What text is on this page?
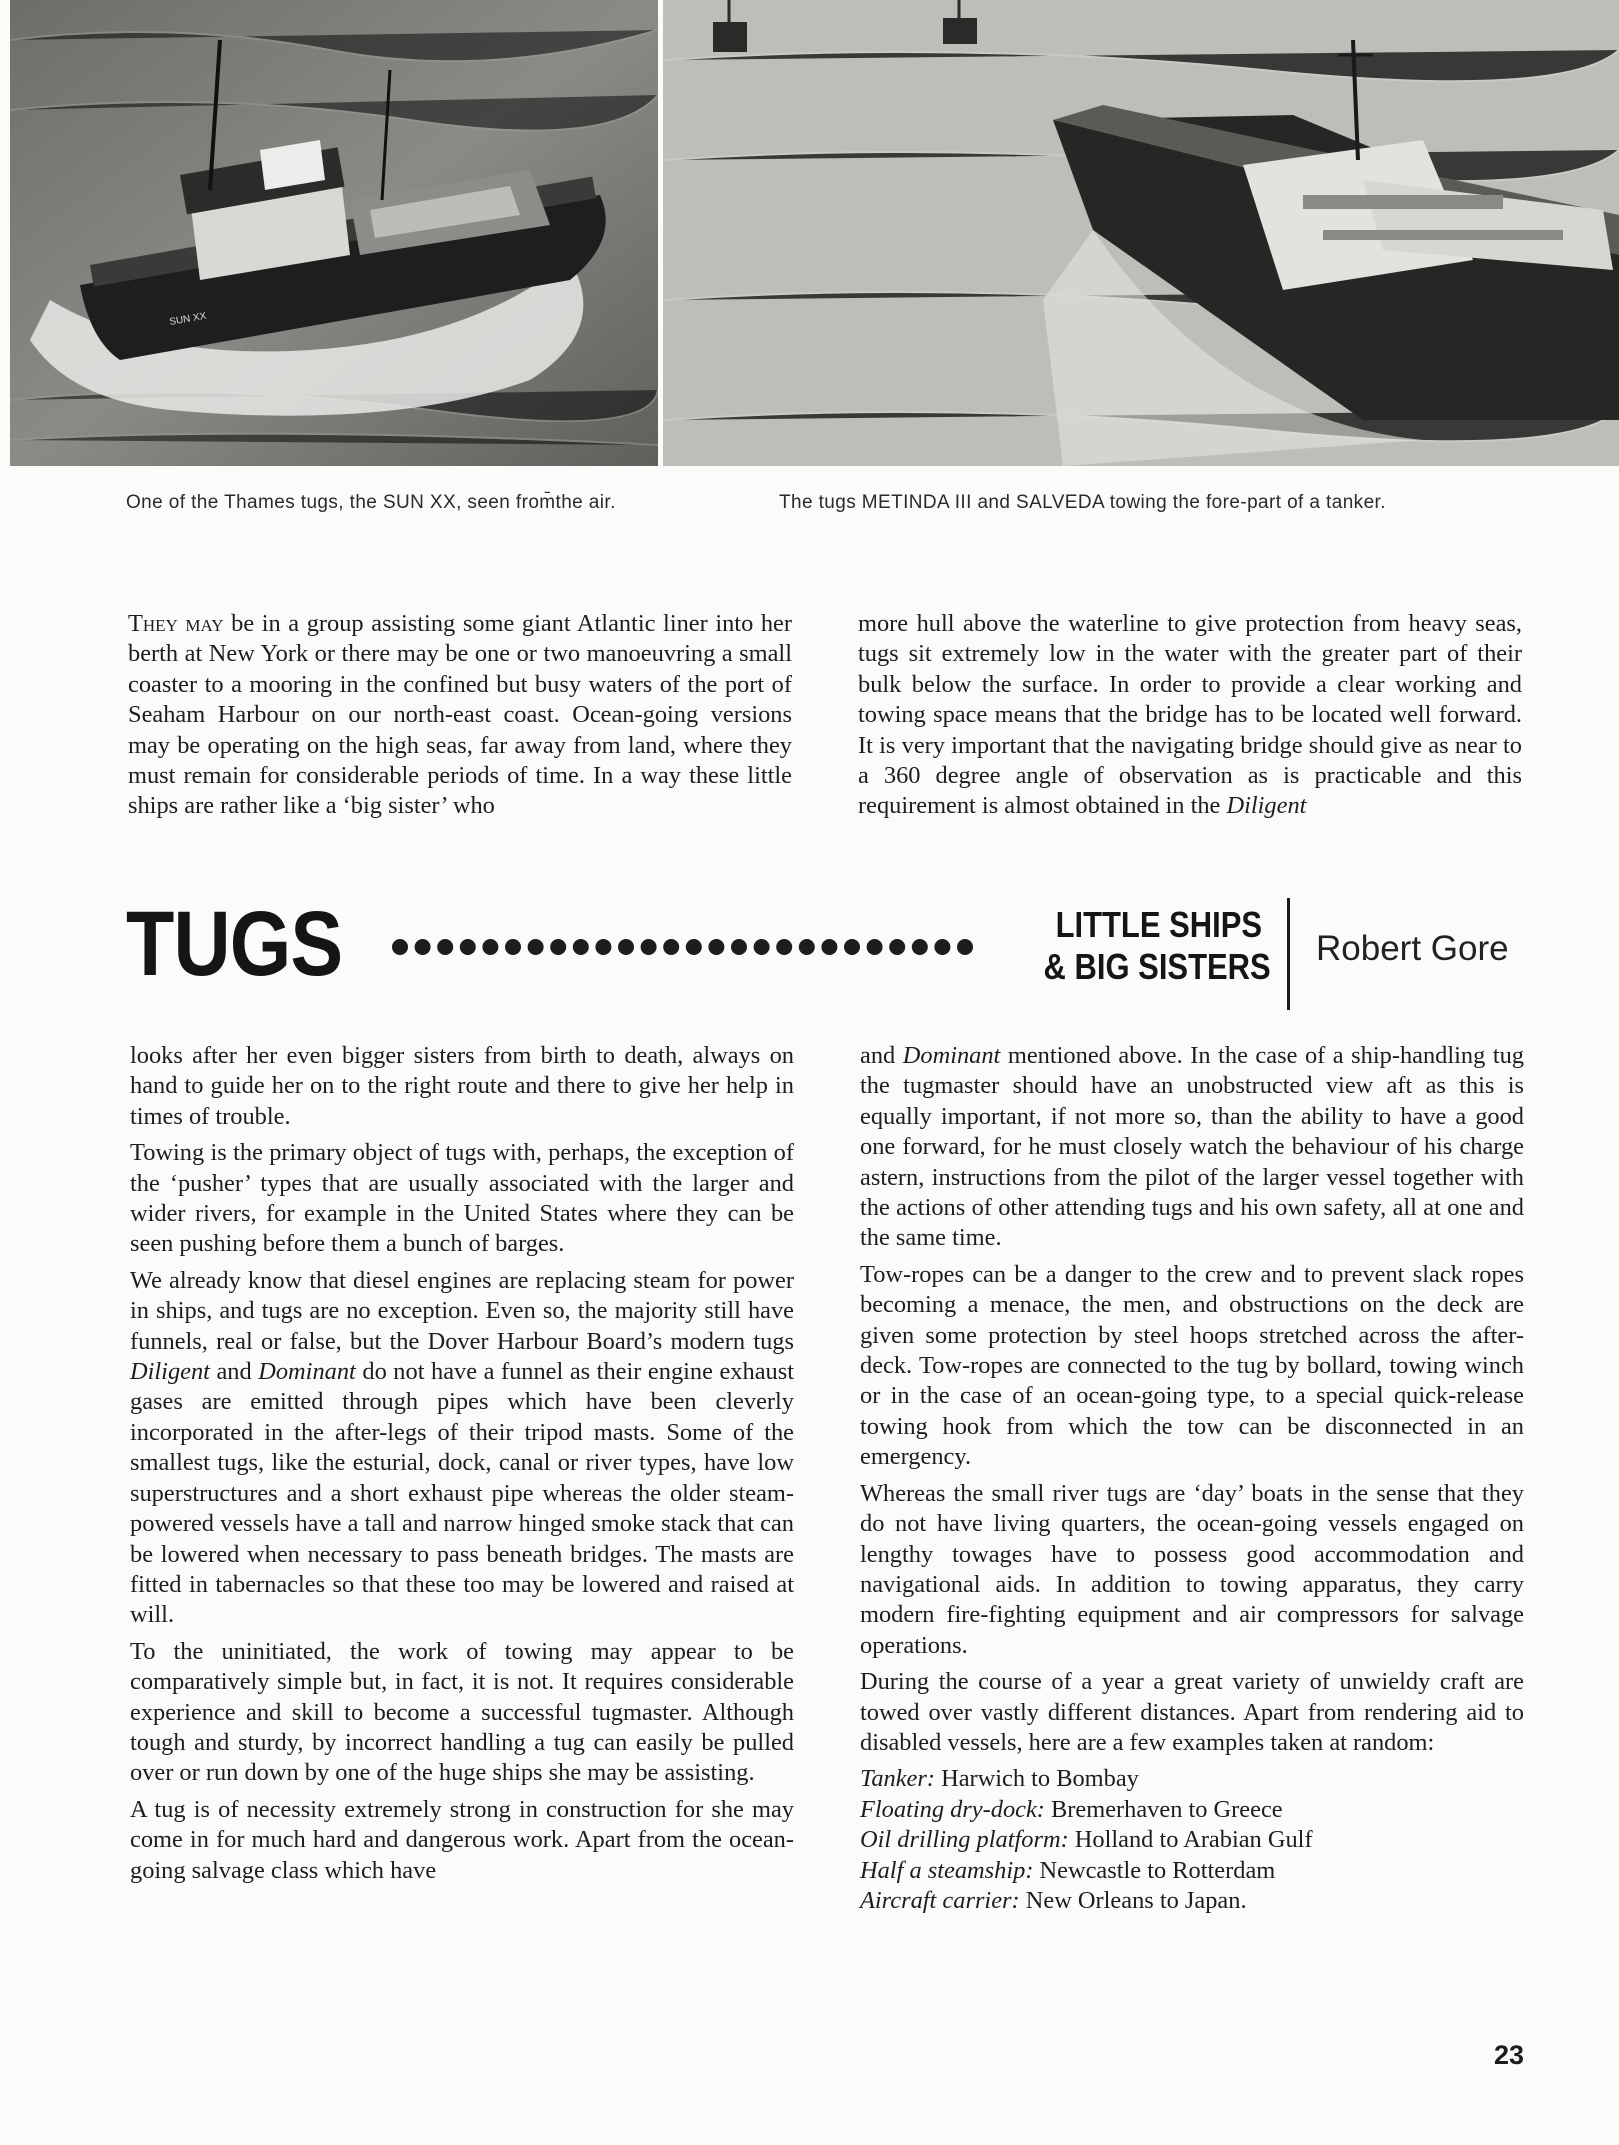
SUN XX
One of the Thames tugs, the SUN XX, seen from̄the air.	The tugs METINDA III and SALVEDA towing the fore-part of a tanker.

They may be in a group assisting some giant Atlantic liner into her berth at New York or there may be one or two manoeuvring a small coaster to a mooring in the confined but busy waters of the port of Seaham Harbour on our north-east coast. Ocean-going versions may be operating on the high seas, far away from land, where they must remain for considerable periods of time. In a way these little ships are rather like a ‘big sister’ who

more hull above the waterline to give protection from heavy seas, tugs sit extremely low in the water with the greater part of their bulk below the surface. In order to provide a clear working and towing space means that the bridge has to be located well forward. It is very important that the navigating bridge should give as near to a 360 degree angle of observation as is practicable and this requirement is almost obtained in the Diligent

TUGS	LITTLE SHIPS
& BIG SISTERS Robert Gore

looks after her even bigger sisters from birth to death, always on hand to guide her on to the right route and there to give her help in times of trouble.

Towing is the primary object of tugs with, perhaps, the exception of the ‘pusher’ types that are usually associated with the larger and wider rivers, for example in the United States where they can be seen pushing before them a bunch of barges.

We already know that diesel engines are replacing steam for power in ships, and tugs are no exception. Even so, the majority still have funnels, real or false, but the Dover Harbour Board’s modern tugs Diligent and Dominant do not have a funnel as their engine exhaust gases are emitted through pipes which have been cleverly incorporated in the after-legs of their tripod masts. Some of the smallest tugs, like the esturial, dock, canal or river types, have low superstructures and a short exhaust pipe whereas the older steam-powered vessels have a tall and narrow hinged smoke stack that can be lowered when necessary to pass beneath bridges. The masts are fitted in tabernacles so that these too may be lowered and raised at will.

To the uninitiated, the work of towing may appear to be comparatively simple but, in fact, it is not. It requires considerable experience and skill to become a successful tugmaster. Although tough and sturdy, by incorrect handling a tug can easily be pulled over or run down by one of the huge ships she may be assisting.

A tug is of necessity extremely strong in construction for she may come in for much hard and dangerous work. Apart from the ocean-going salvage class which have

and Dominant mentioned above. In the case of a ship-handling tug the tugmaster should have an unobstructed view aft as this is equally important, if not more so, than the ability to have a good one forward, for he must closely watch the behaviour of his charge astern, instructions from the pilot of the larger vessel together with the actions of other attending tugs and his own safety, all at one and the same time.

Tow-ropes can be a danger to the crew and to prevent slack ropes becoming a menace, the men, and obstructions on the deck are given some protection by steel hoops stretched across the after-deck. Tow-ropes are connected to the tug by bollard, towing winch or in the case of an ocean-going type, to a special quick-release towing hook from which the tow can be disconnected in an emergency.

Whereas the small river tugs are ‘day’ boats in the sense that they do not have living quarters, the ocean-going vessels engaged on lengthy towages have to possess good accommodation and navigational aids. In addition to towing apparatus, they carry modern fire-fighting equipment and air compressors for salvage operations.

During the course of a year a great variety of unwieldy craft are towed over vastly different distances. Apart from rendering aid to disabled vessels, here are a few examples taken at random:

Tanker: Harwich to Bombay
Floating dry-dock: Bremerhaven to Greece
Oil drilling platform: Holland to Arabian Gulf
Half a steamship: Newcastle to Rotterdam
Aircraft carrier: New Orleans to Japan.
23
